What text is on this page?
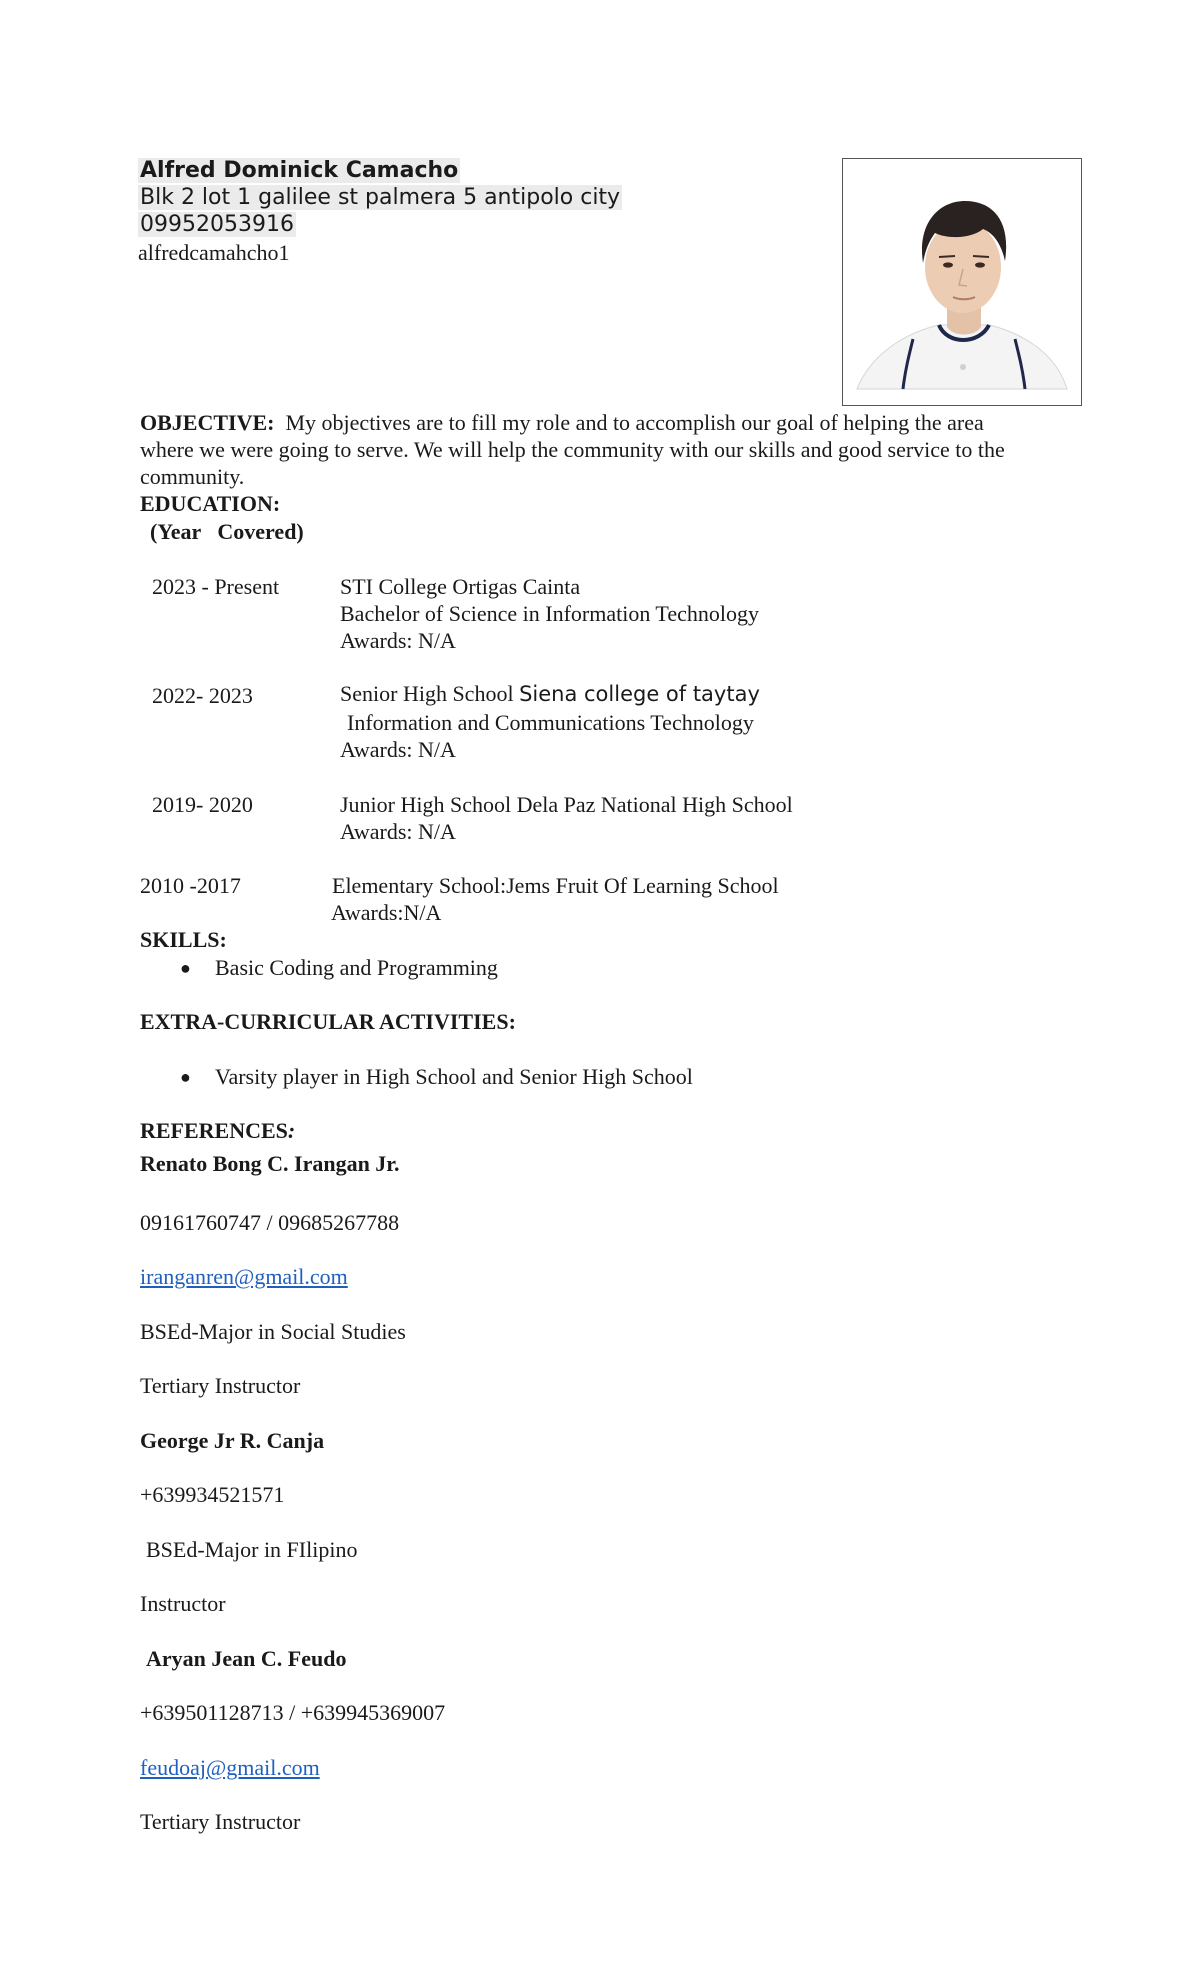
Alfred Dominick Camacho
Blk 2 lot 1 galilee st palmera 5 antipolo city
09952053916
alfredcamahcho1
OBJECTIVE: My objectives are to fill my role and to accomplish our goal of helping the area
where we were going to serve. We will help the community with our skills and good service to the
community.
EDUCATION:
(Year   Covered)
2023 - Present	STI College Ortigas Cainta
Bachelor of Science in Information Technology
Awards: N/A
2022- 2023	Senior High School Siena college of taytay
Information and Communications Technology
Awards: N/A
2019- 2020	Junior High School Dela Paz National High School
Awards: N/A
2010 -2017	Elementary School:Jems Fruit Of Learning School
Awards:N/A
SKILLS:
● Basic Coding and Programming
EXTRA-CURRICULAR ACTIVITIES:
● Varsity player in High School and Senior High School
REFERENCES:
Renato Bong C. Irangan Jr.
09161760747 / 09685267788
iranganren@gmail.com
BSEd-Major in Social Studies
Tertiary Instructor
George Jr R. Canja
+639934521571
BSEd-Major in FIlipino
Instructor
Aryan Jean C. Feudo
+639501128713 / +639945369007
feudoaj@gmail.com
Tertiary Instructor
